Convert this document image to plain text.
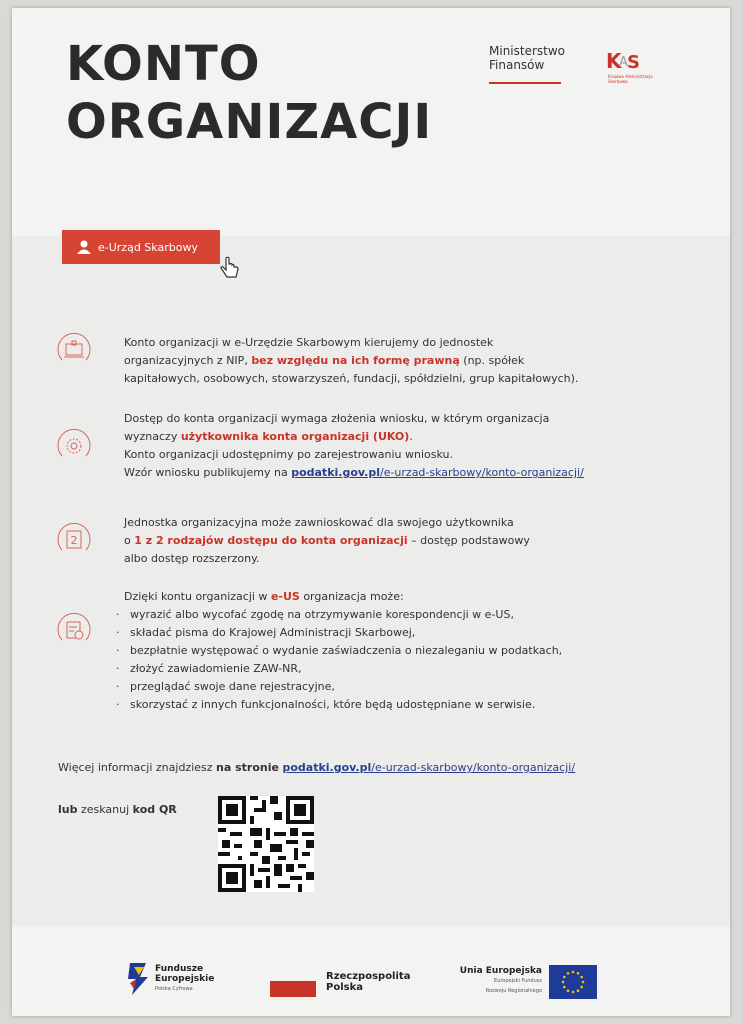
KONTO
ORGANIZACJI
Ministerstwo
Finansów	K
A S
Krajowa Administracja Skarbowa
e-Urząd Skarbowy
Konto organizacji w e-Urzędzie Skarbowym kierujemy do jednostek
organizacyjnych z NIP, bez względu na ich formę prawną (np. spółek
kapitałowych, osobowych, stowarzyszeń, fundacji, spółdzielni, grup kapitałowych).
Dostęp do konta organizacji wymaga złożenia wniosku, w którym organizacja
wyznaczy użytkownika konta organizacji (UKO).
Konto organizacji udostępnimy po zarejestrowaniu wniosku.
Wzór wniosku publikujemy na podatki.gov.pl/e-urzad-skarbowy/konto-organizacji/
2
Jednostka organizacyjna może zawnioskować dla swojego użytkownika
o 1 z 2 rodzajów dostępu do konta organizacji – dostęp podstawowy
albo dostęp rozszerzony.
Dzięki kontu organizacji w e-US organizacja może:
· wyrazić albo wycofać zgodę na otrzymywanie korespondencji w e-US,
· składać pisma do Krajowej Administracji Skarbowej,
· bezpłatnie występować o wydanie zaświadczenia o niezaleganiu w podatkach,
· złożyć zawiadomienie ZAW-NR,
· przeglądać swoje dane rejestracyjne,
· skorzystać z innych funkcjonalności, które będą udostępniane w serwisie.
Więcej informacji znajdziesz na stronie podatki.gov.pl/e-urzad-skarbowy/konto-organizacji/
lub zeskanuj kod QR
Fundusze
Europejskie
Polska Cyfrowa
Rzeczpospolita
Polska
Unia Europejska
Europejski Fundusz
Rozwoju Regionalnego
